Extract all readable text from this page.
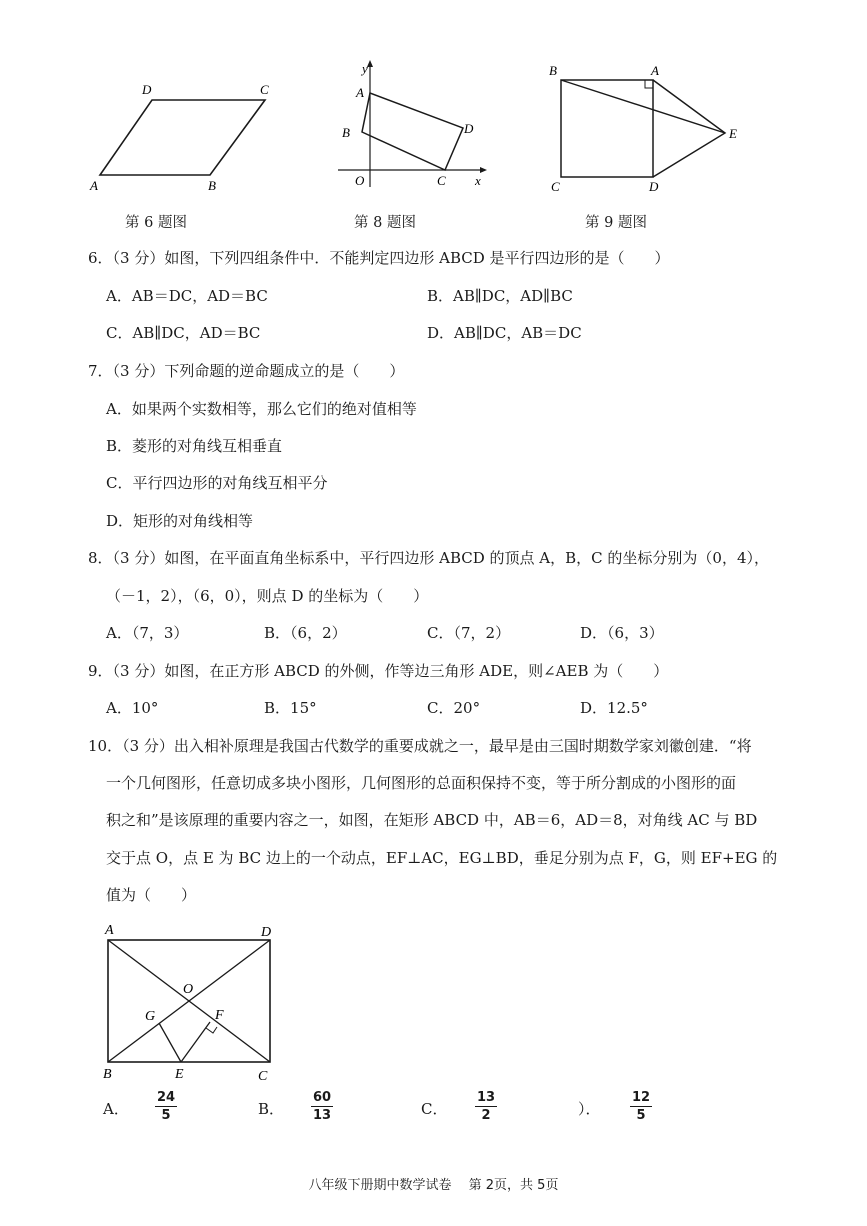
A	B
C
D
第 6 题图
y
x
A
B	D
O	C
第 8 题图
B	A
E
C	D
第 9 题图
6．（3 分）如图，下列四组条件中．不能判定四边形 ABCD 是平行四边形的是（　　）
A．AB＝DC，AD＝BC	B．AB∥DC，AD∥BC
C．AB∥DC，AD＝BC	D．AB∥DC，AB＝DC
7．（3 分）下列命题的逆命题成立的是（　　）
A．如果两个实数相等，那么它们的绝对值相等
B．菱形的对角线互相垂直
C．平行四边形的对角线互相平分
D．矩形的对角线相等
8．（3 分）如图，在平面直角坐标系中，平行四边形 ABCD 的顶点 A，B，C 的坐标分别为（0，4），
（－1，2），（6，0），则点 D 的坐标为（　　）
A．（7，3）	B．（6，2）	C．（7，2）	D．（6，3）
9．（3 分）如图，在正方形 ABCD 的外侧，作等边三角形 ADE，则∠AEB 为（　　）
A．10°	B．15°	C．20°	D．12.5°
10．（3 分）出入相补原理是我国古代数学的重要成就之一，最早是由三国时期数学家刘徽创建．“将
一个几何图形，任意切成多块小图形，几何图形的总面积保持不变，等于所分割成的小图形的面
积之和”是该原理的重要内容之一，如图，在矩形 ABCD 中，AB＝6，AD＝8，对角线 AC 与 BD
交于点 O，点 E 为 BC 边上的一个动点，EF⊥AC，EG⊥BD，垂足分别为点 F，G，则 EF+EG 的
值为（　　）
A	D
O
G	F
B	E	C
A． $\frac{24}{5}$	B． $\frac{60}{13}$	C． $\frac{13}{2}$	）． $\frac{12}{5}$
八年级下册期中数学试卷　 第 2页，共 5页
